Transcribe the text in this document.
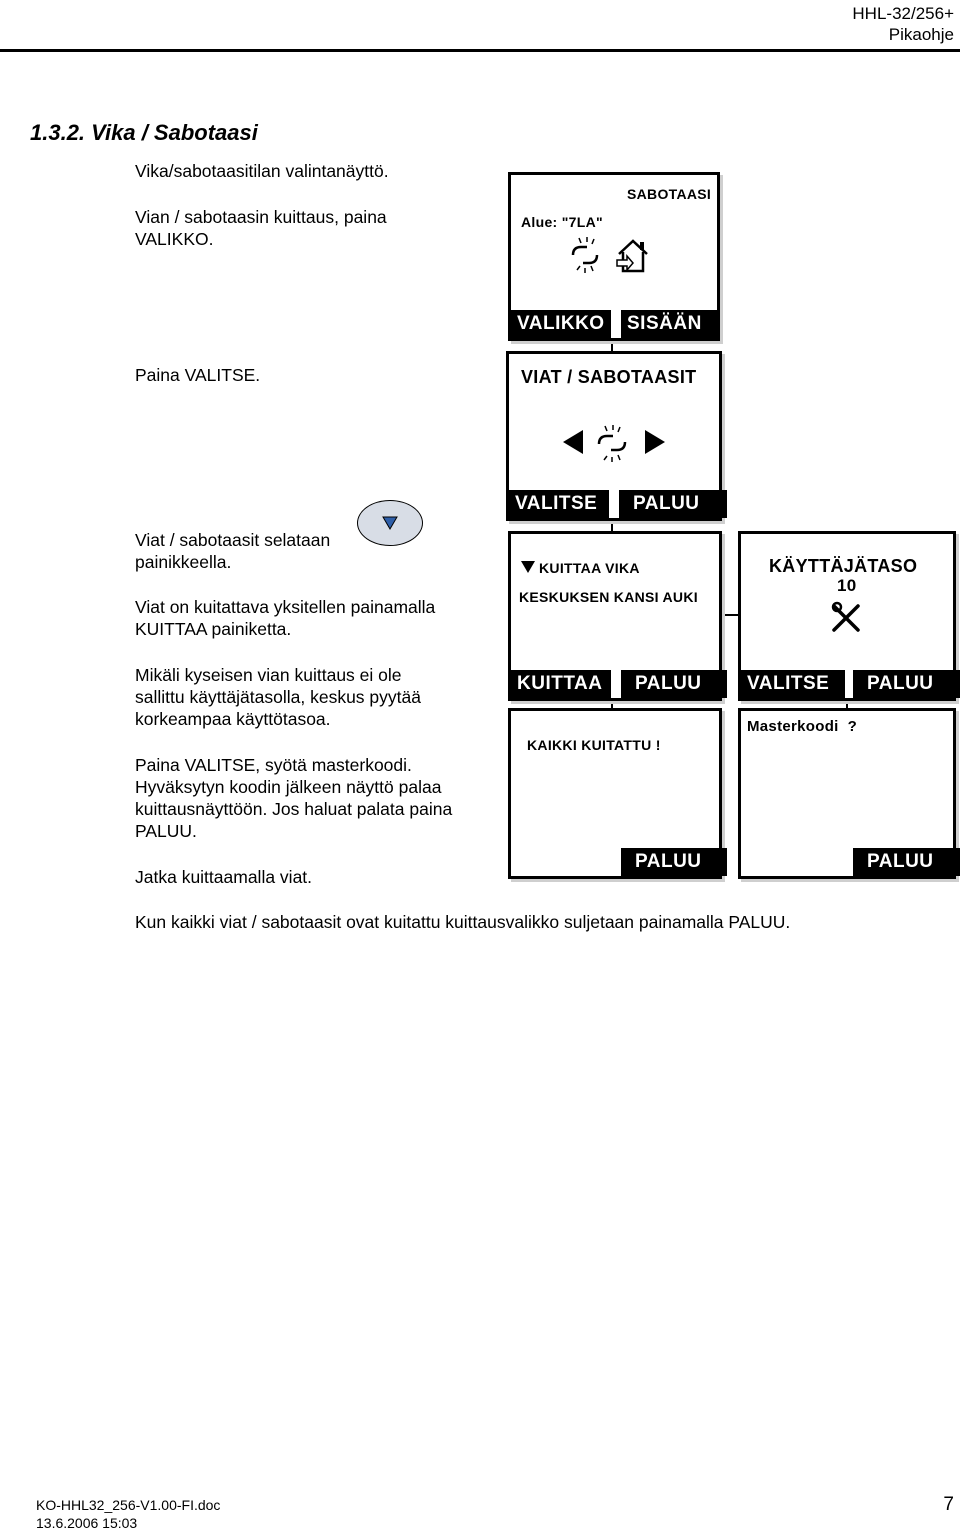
HHL-32/256+
Pikaohje
1.3.2. Vika / Sabotaasi
Vika/sabotaasitilan valintanäyttö.
Vian / sabotaasin kuittaus, paina
VALIKKO.
Paina VALITSE.
Viat / sabotaasit selataan
painikkeella.
Viat on kuitattava yksitellen painamalla
KUITTAA painiketta.
Mikäli kyseisen vian kuittaus ei ole
sallittu käyttäjätasolla, keskus pyytää
korkeampaa käyttötasoa.
Paina VALITSE, syötä masterkoodi.
Hyväksytyn koodin jälkeen näyttö palaa
kuittausnäyttöön. Jos haluat palata paina
PALUU.
Jatka kuittaamalla viat.
Kun kaikki viat / sabotaasit ovat kuitattu kuittausvalikko suljetaan painamalla PALUU.
SABOTAASI
Alue: "7LA"
VALIKKO	SISÄÄN
VIAT / SABOTAASIT
VALITSE	PALUU
KUITTAA VIKA
KESKUKSEN KANSI AUKI
KUITTAA	PALUU
KÄYTTÄJÄTASO
10
VALITSE	PALUU
KAIKKI KUITATTU !
PALUU
Masterkoodi  ?
PALUU
KO-HHL32_256-V1.00-FI.doc
13.6.2006 15:03
7
